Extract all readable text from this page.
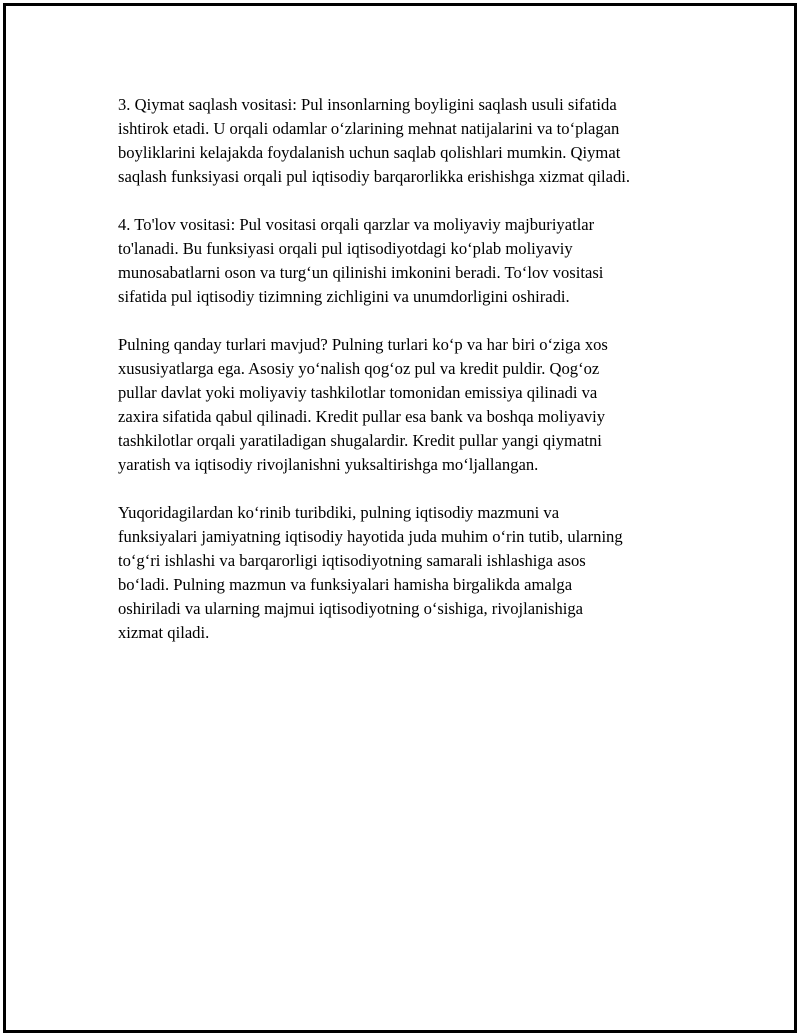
3. Qiymat saqlash vositasi: Pul insonlarning boyligini saqlash usuli sifatida
ishtirok etadi. U orqali odamlar o‘zlarining mehnat natijalarini va to‘plagan
boyliklarini kelajakda foydalanish uchun saqlab qolishlari mumkin. Qiymat
saqlash funksiyasi orqali pul iqtisodiy barqarorlikka erishishga xizmat qiladi.

4. To'lov vositasi: Pul vositasi orqali qarzlar va moliyaviy majburiyatlar
to'lanadi. Bu funksiyasi orqali pul iqtisodiyotdagi ko‘plab moliyaviy
munosabatlarni oson va turg‘un qilinishi imkonini beradi. To‘lov vositasi
sifatida pul iqtisodiy tizimning zichligini va unumdorligini oshiradi.

Pulning qanday turlari mavjud? Pulning turlari ko‘p va har biri o‘ziga xos
xususiyatlarga ega. Asosiy yo‘nalish qog‘oz pul va kredit puldir. Qog‘oz
pullar davlat yoki moliyaviy tashkilotlar tomonidan emissiya qilinadi va
zaxira sifatida qabul qilinadi. Kredit pullar esa bank va boshqa moliyaviy
tashkilotlar orqali yaratiladigan shugalardir. Kredit pullar yangi qiymatni
yaratish va iqtisodiy rivojlanishni yuksaltirishga mo‘ljallangan.

Yuqoridagilardan ko‘rinib turibdiki, pulning iqtisodiy mazmuni va
funksiyalari jamiyatning iqtisodiy hayotida juda muhim o‘rin tutib, ularning
to‘g‘ri ishlashi va barqarorligi iqtisodiyotning samarali ishlashiga asos
bo‘ladi. Pulning mazmun va funksiyalari hamisha birgalikda amalga
oshiriladi va ularning majmui iqtisodiyotning o‘sishiga, rivojlanishiga
xizmat qiladi.
